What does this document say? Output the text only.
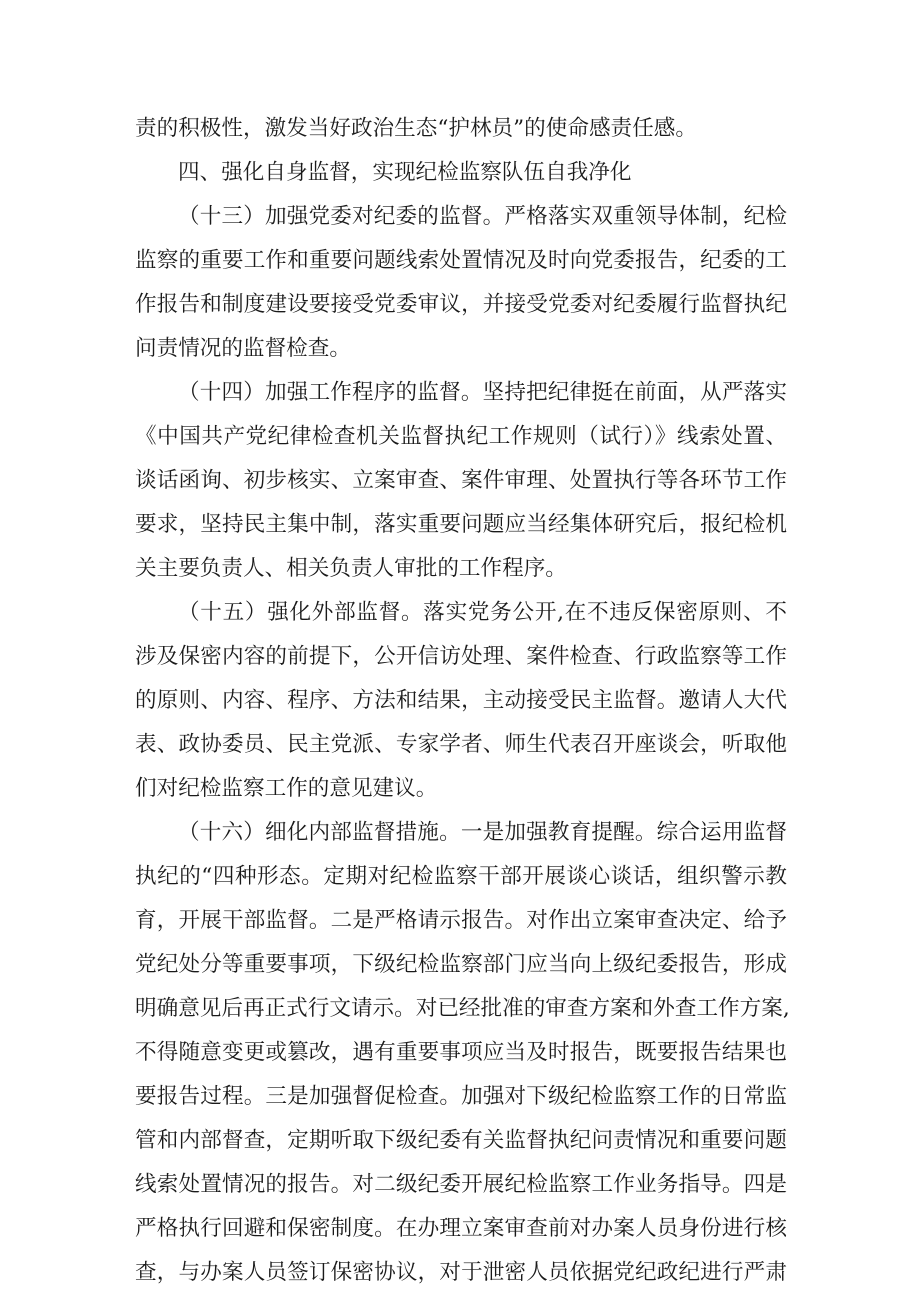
责的积极性，激发当好政治生态“护林员”的使命感责任感。
四、强化自身监督，实现纪检监察队伍自我净化
（十三）加强党委对纪委的监督。严格落实双重领导体制，纪检
监察的重要工作和重要问题线索处置情况及时向党委报告，纪委的工
作报告和制度建设要接受党委审议，并接受党委对纪委履行监督执纪
问责情况的监督检查。
（十四）加强工作程序的监督。坚持把纪律挺在前面，从严落实
《中国共产党纪律检查机关监督执纪工作规则（试行）》线索处置、
谈话函询、初步核实、立案审查、案件审理、处置执行等各环节工作
要求，坚持民主集中制，落实重要问题应当经集体研究后，报纪检机
关主要负责人、相关负责人审批的工作程序。
（十五）强化外部监督。落实党务公开,在不违反保密原则、不
涉及保密内容的前提下，公开信访处理、案件检查、行政监察等工作
的原则、内容、程序、方法和结果，主动接受民主监督。邀请人大代
表、政协委员、民主党派、专家学者、师生代表召开座谈会，听取他
们对纪检监察工作的意见建议。
（十六）细化内部监督措施。一是加强教育提醒。综合运用监督
执纪的“四种形态。定期对纪检监察干部开展谈心谈话，组织警示教
育，开展干部监督。二是严格请示报告。对作出立案审查决定、给予
党纪处分等重要事项，下级纪检监察部门应当向上级纪委报告，形成
明确意见后再正式行文请示。对已经批准的审查方案和外查工作方案,
不得随意变更或篡改，遇有重要事项应当及时报告，既要报告结果也
要报告过程。三是加强督促检查。加强对下级纪检监察工作的日常监
管和内部督查，定期听取下级纪委有关监督执纪问责情况和重要问题
线索处置情况的报告。对二级纪委开展纪检监察工作业务指导。四是
严格执行回避和保密制度。在办理立案审查前对办案人员身份进行核
查，与办案人员签订保密协议，对于泄密人员依据党纪政纪进行严肃
